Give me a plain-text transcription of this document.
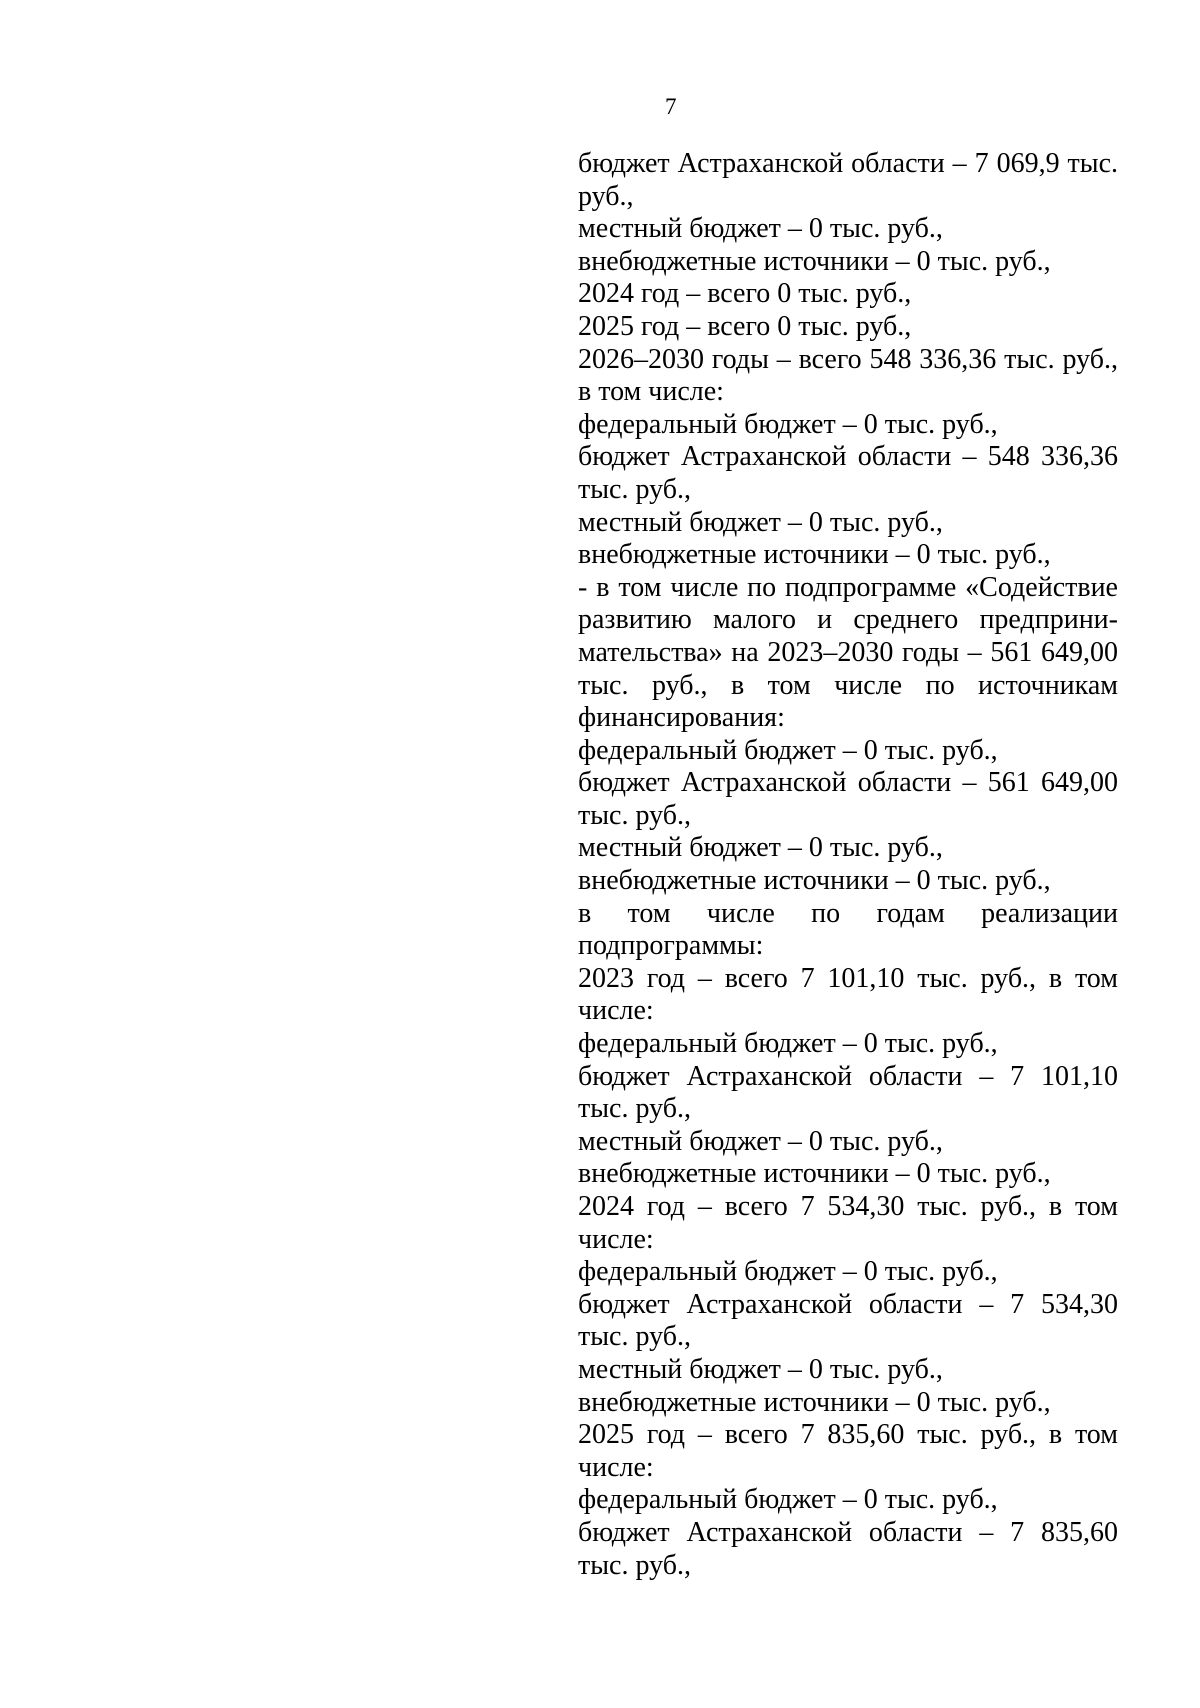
7
бюджет Астраханской области – 7 069,9 тыс.
руб.,
местный бюджет – 0 тыс. руб.,
внебюджетные источники – 0 тыс. руб.,
2024 год – всего 0 тыс. руб.,
2025 год – всего 0 тыс. руб.,
2026–2030 годы – всего 548 336,36 тыс. руб.,
в том числе:
федеральный бюджет – 0 тыс. руб.,
бюджет Астраханской области – 548 336,36
тыс. руб.,
местный бюджет – 0 тыс. руб.,
внебюджетные источники – 0 тыс. руб.,
- в том числе по подпрограмме «Содействие
развитию малого и среднего предприни-
мательства» на 2023–2030 годы – 561 649,00
тыс. руб., в том числе по источникам
финансирования:
федеральный бюджет – 0 тыс. руб.,
бюджет Астраханской области – 561 649,00
тыс. руб.,
местный бюджет – 0 тыс. руб.,
внебюджетные источники – 0 тыс. руб.,
в том числе по годам реализации
подпрограммы:
2023 год – всего 7 101,10 тыс. руб., в том
числе:
федеральный бюджет – 0 тыс. руб.,
бюджет Астраханской области – 7 101,10
тыс. руб.,
местный бюджет – 0 тыс. руб.,
внебюджетные источники – 0 тыс. руб.,
2024 год – всего 7 534,30 тыс. руб., в том
числе:
федеральный бюджет – 0 тыс. руб.,
бюджет Астраханской области – 7 534,30
тыс. руб.,
местный бюджет – 0 тыс. руб.,
внебюджетные источники – 0 тыс. руб.,
2025 год – всего 7 835,60 тыс. руб., в том
числе:
федеральный бюджет – 0 тыс. руб.,
бюджет Астраханской области – 7 835,60
тыс. руб.,
